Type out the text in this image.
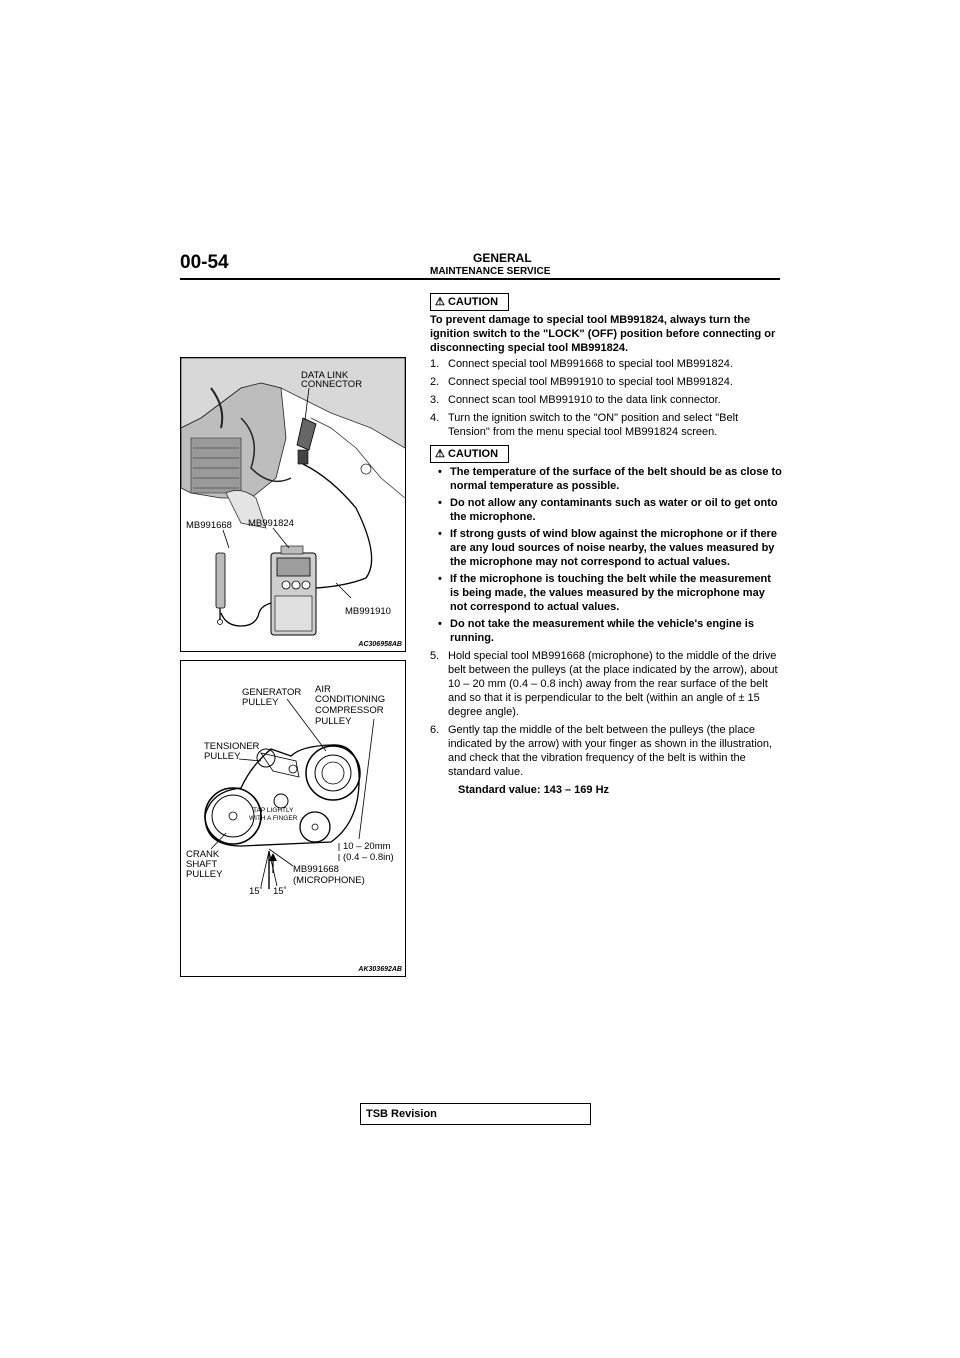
00-54	GENERAL
MAINTENANCE SERVICE
DATA LINK
CONNECTOR
MB991668 MB991824
MB991910
AC306958AB
GENERATOR
PULLEY
AIR
CONDITIONING
COMPRESSOR
PULLEY
TENSIONER
PULLEY
TAP LIGHTLY
WITH A FINGER
CRANK
SHAFT
PULLEY
10 – 20mm
(0.4 – 0.8in)
MB991668
(MICROPHONE)
15˚ 15˚
AK303692AB
⚠ CAUTION
To prevent damage to special tool MB991824, always turn the ignition switch to the "LOCK" (OFF) position before connecting or disconnecting special tool MB991824.
1. Connect special tool MB991668 to special tool MB991824.
2. Connect special tool MB991910 to special tool MB991824.
3. Connect scan tool MB991910 to the data link connector.
4. Turn the ignition switch to the "ON" position and select "Belt Tension" from the menu special tool MB991824 screen.
⚠ CAUTION
• The temperature of the surface of the belt should be as close to normal temperature as possible.
• Do not allow any contaminants such as water or oil to get onto the microphone.
• If strong gusts of wind blow against the microphone or if there are any loud sources of noise nearby, the values measured by the microphone may not correspond to actual values.
• If the microphone is touching the belt while the measurement is being made, the values measured by the microphone may not correspond to actual values.
• Do not take the measurement while the vehicle's engine is running.
5. Hold special tool MB991668 (microphone) to the middle of the drive belt between the pulleys (at the place indicated by the arrow), about 10 – 20 mm (0.4 – 0.8 inch) away from the rear surface of the belt and so that it is perpendicular to the belt (within an angle of ± 15 degree angle).
6. Gently tap the middle of the belt between the pulleys (the place indicated by the arrow) with your finger as shown in the illustration, and check that the vibration frequency of the belt is within the standard value.
Standard value: 143 – 169 Hz
TSB Revision
